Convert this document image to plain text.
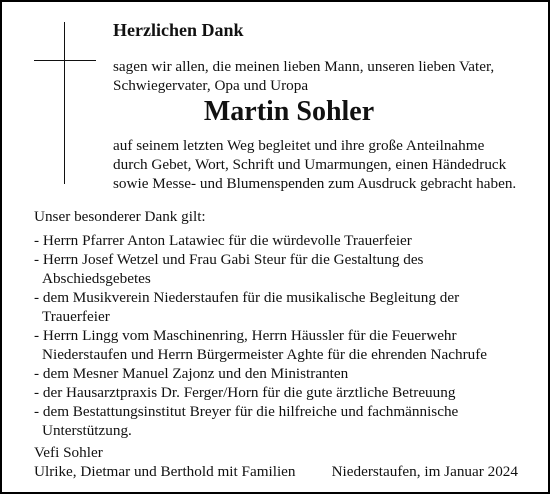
Herzlichen Dank
sagen wir allen, die meinen lieben Mann, unseren lieben Vater,
Schwiegervater, Opa und Uropa
Martin Sohler
auf seinem letzten Weg begleitet und ihre große Anteilnahme
durch Gebet, Wort, Schrift und Umarmungen, einen Händedruck
sowie Messe- und Blumenspenden zum Ausdruck gebracht haben.
Unser besonderer Dank gilt:
- Herrn Pfarrer Anton Latawiec für die würdevolle Trauerfeier
- Herrn Josef Wetzel und Frau Gabi Steur für die Gestaltung des
Abschiedsgebetes
- dem Musikverein Niederstaufen für die musikalische Begleitung der
Trauerfeier
- Herrn Lingg vom Maschinenring, Herrn Häussler für die Feuerwehr
Niederstaufen und Herrn Bürgermeister Aghte für die ehrenden Nachrufe
- dem Mesner Manuel Zajonz und den Ministranten
- der Hausarztpraxis Dr. Ferger/Horn für die gute ärztliche Betreuung
- dem Bestattungsinstitut Breyer für die hilfreiche und fachmännische
Unterstützung.
Vefi Sohler
Ulrike, Dietmar und Berthold mit Familien Niederstaufen, im Januar 2024
